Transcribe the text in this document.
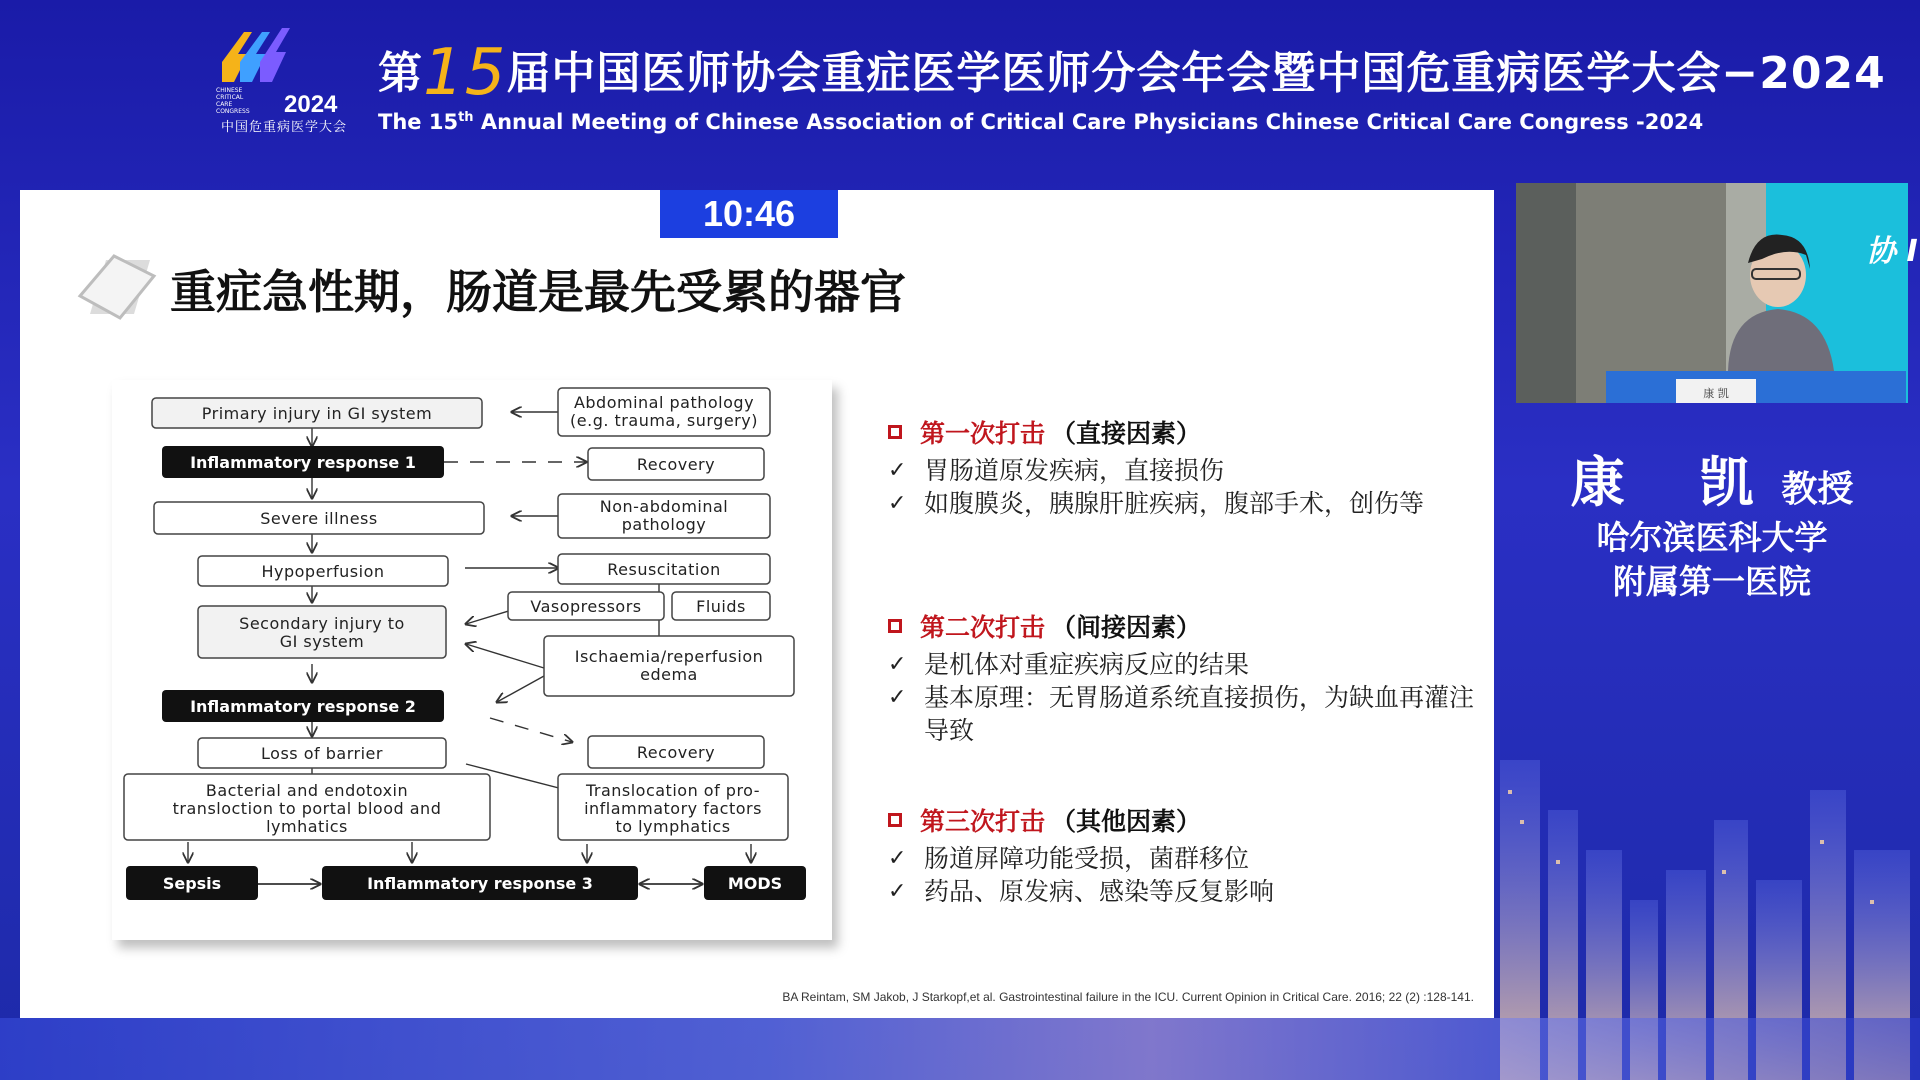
CHINESE
CRITICAL
CARE
CONGRESS 2024
中国危重病医学大会
第15届中国医师协会重症医学医师分会年会暨中国危重病医学大会−2024
The 15th Annual Meeting of Chinese Association of Critical Care Physicians Chinese Critical Care Congress -2024
10:46
重症急性期，肠道是最先受累的器官
Primary injury in GI system
Abdominal pathology
(e.g. trauma, surgery)
Recovery
Severe illness
Non-abdominal
pathology
Hypoperfusion	Resuscitation
Vasopressors	Fluids
Secondary injury to
GI system
Ischaemia/reperfusion
edema
Recovery
Loss of barrier
Bacterial and endotoxin
transloction to portal blood and
lymhatics
Translocation of pro-
inflammatory factors
to lymphatics
Inflammatory response 1
Inflammatory response 2
Sepsis	Inflammatory response 3	MODS
第一次打击 （直接因素）
✓ 胃肠道原发疾病，直接损伤
✓ 如腹膜炎，胰腺肝脏疾病，腹部手术，创伤等
第二次打击 （间接因素）
✓ 是机体对重症疾病反应的结果
✓ 基本原理：无胃肠道系统直接损伤，为缺血再灌注导致
第三次打击 （其他因素）
✓ 肠道屏障功能受损，菌群移位
✓ 药品、原发病、感染等反复影响
BA Reintam, SM Jakob, J Starkopf,et al. Gastrointestinal failure in the ICU. Current Opinion in Critical Care. 2016; 22 (2) :128-141.
协 I
康 凯
康 凯教授
哈尔滨医科大学
附属第一医院
